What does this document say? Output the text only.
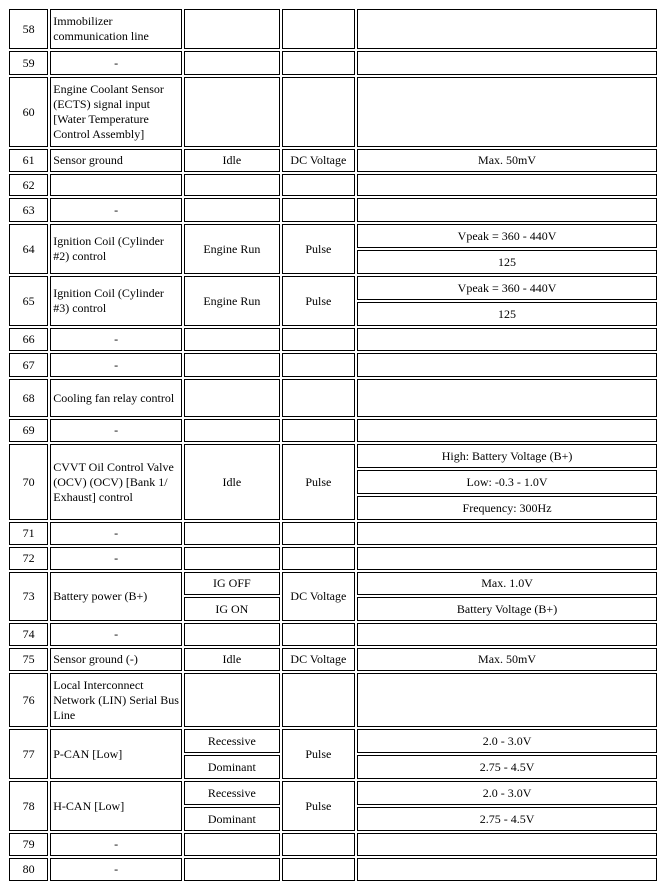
58	Immobilizer communication line			
59	-			
60	Engine Coolant Sensor (ECTS) signal input [Water Temperature Control Assembly]			
61	Sensor ground	Idle	DC Voltage	Max. 50mV
62				
63	-			
64	Ignition Coil (Cylinder #2) control	Engine Run	Pulse	Vpeak = 360 - 440V
				125
65	Ignition Coil (Cylinder #3) control	Engine Run	Pulse	Vpeak = 360 - 440V
				125
66	-			
67	-			
68	Cooling fan relay control			
69	-			
70	CVVT Oil Control Valve (OCV) (OCV) [Bank 1/ Exhaust] control	Idle	Pulse	High: Battery Voltage (B+)
				Low: -0.3 - 1.0V
				Frequency: 300Hz
71	-			
72	-			
73	Battery power (B+)	IG OFF	DC Voltage	Max. 1.0V
		IG ON		Battery Voltage (B+)
74	-			
75	Sensor ground (-)	Idle	DC Voltage	Max. 50mV
76	Local Interconnect Network (LIN) Serial Bus Line			
77	P-CAN [Low]	Recessive	Pulse	2.0 - 3.0V
		Dominant		2.75 - 4.5V
78	H-CAN [Low]	Recessive	Pulse	2.0 - 3.0V
		Dominant		2.75 - 4.5V
79	-			
80	-			
